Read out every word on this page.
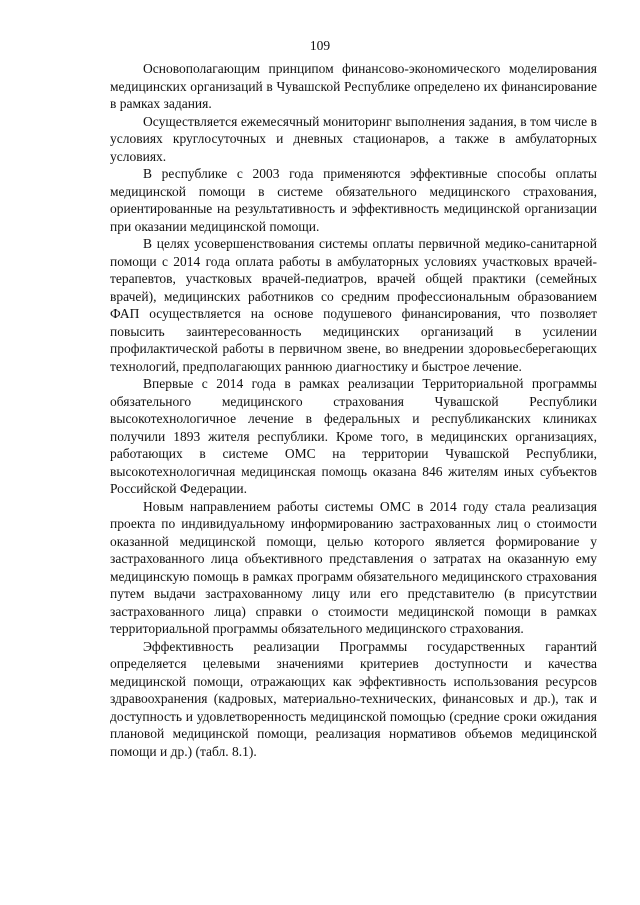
109

Основополагающим принципом финансово-экономического моделирования медицинских организаций в Чувашской Республике определено их финансирование в рамках задания.

Осуществляется ежемесячный мониторинг выполнения задания, в том числе в условиях круглосуточных и дневных стационаров, а также в амбулаторных условиях.

В республике с 2003 года применяются эффективные способы оплаты медицинской помощи в системе обязательного медицинского страхования, ориентированные на результативность и эффективность медицинской организации при оказании медицинской помощи.

В целях усовершенствования системы оплаты первичной медико-санитарной помощи с 2014 года оплата работы в амбулаторных условиях участковых врачей-терапевтов, участковых врачей-педиатров, врачей общей практики (семейных врачей), медицинских работников со средним профессиональным образованием ФАП осуществляется на основе подушевого финансирования, что позволяет повысить заинтересованность медицинских организаций в усилении профилактической работы в первичном звене, во внедрении здоровьесберегающих технологий, предполагающих раннюю диагностику и быстрое лечение.

Впервые с 2014 года в рамках реализации Территориальной программы обязательного медицинского страхования Чувашской Республики высокотехнологичное лечение в федеральных и республиканских клиниках получили 1893 жителя республики. Кроме того, в медицинских организациях, работающих в системе ОМС на территории Чувашской Республики, высокотехнологичная медицинская помощь оказана 846 жителям иных субъектов Российской Федерации.

Новым направлением работы системы ОМС в 2014 году стала реализация проекта по индивидуальному информированию застрахованных лиц о стоимости оказанной медицинской помощи, целью которого является формирование у застрахованного лица объективного представления о затратах на оказанную ему медицинскую помощь в рамках программ обязательного медицинского страхования путем выдачи застрахованному лицу или его представителю (в присутствии застрахованного лица) справки о стоимости медицинской помощи в рамках территориальной программы обязательного медицинского страхования.

Эффективность реализации Программы государственных гарантий определяется целевыми значениями критериев доступности и качества медицинской помощи, отражающих как эффективность использования ресурсов здравоохранения (кадровых, материально-технических, финансовых и др.), так и доступность и удовлетворенность медицинской помощью (средние сроки ожидания плановой медицинской помощи, реализация нормативов объемов медицинской помощи и др.) (табл. 8.1).
